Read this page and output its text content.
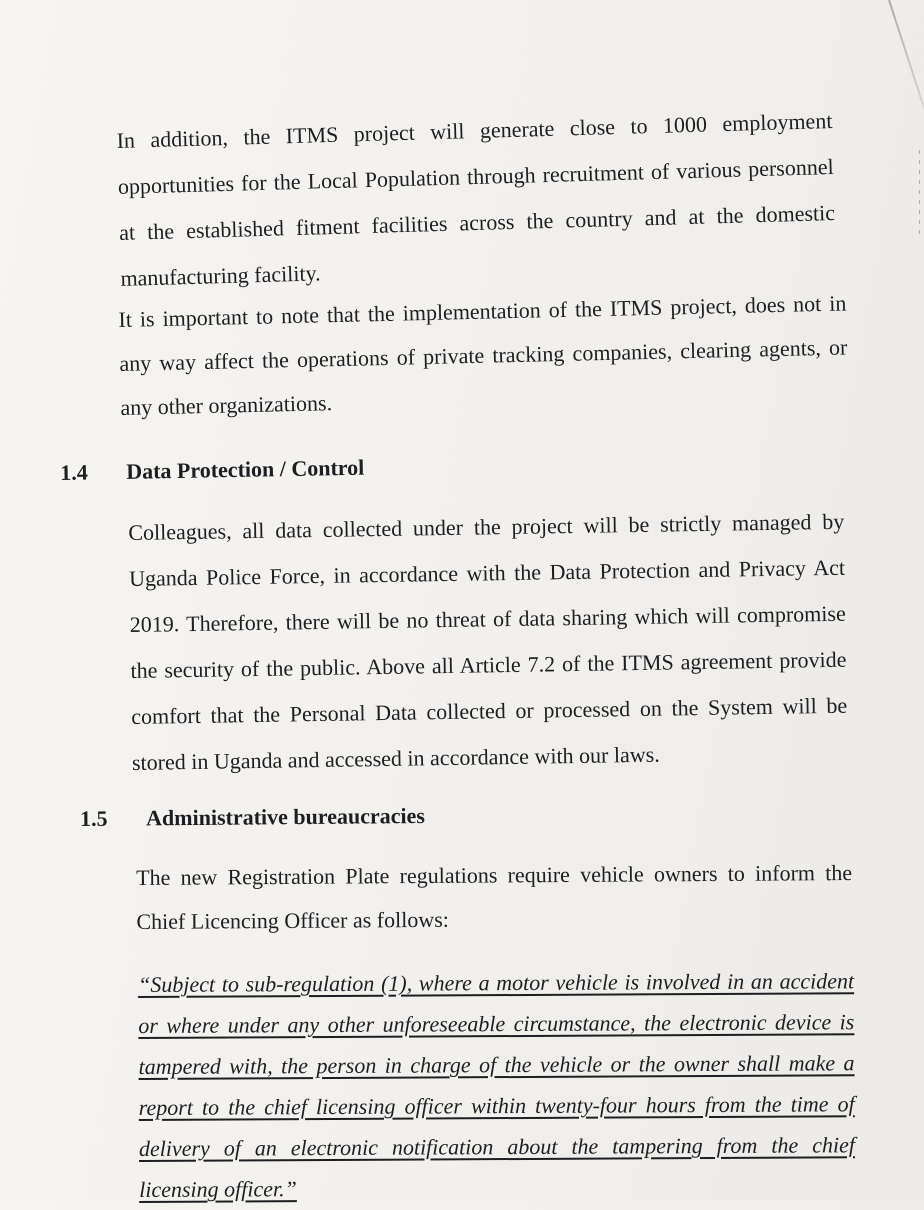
In addition, the ITMS project will generate close to 1000 employment opportunities for the Local Population through recruitment of various personnel at the established fitment facilities across the country and at the domestic manufacturing facility.

It is important to note that the implementation of the ITMS project, does not in any way affect the operations of private tracking companies, clearing agents, or any other organizations.

1.4 Data Protection / Control

Colleagues, all data collected under the project will be strictly managed by Uganda Police Force, in accordance with the Data Protection and Privacy Act 2019. Therefore, there will be no threat of data sharing which will compromise the security of the public. Above all Article 7.2 of the ITMS agreement provide comfort that the Personal Data collected or processed on the System will be stored in Uganda and accessed in accordance with our laws.

1.5 Administrative bureaucracies

The new Registration Plate regulations require vehicle owners to inform the Chief Licencing Officer as follows:

“Subject to sub-regulation (1), where a motor vehicle is involved in an accident or where under any other unforeseeable circumstance, the electronic device is tampered with, the person in charge of the vehicle or the owner shall make a report to the chief licensing officer within twenty-four hours from the time of delivery of an electronic notification about the tampering from the chief licensing officer.”
